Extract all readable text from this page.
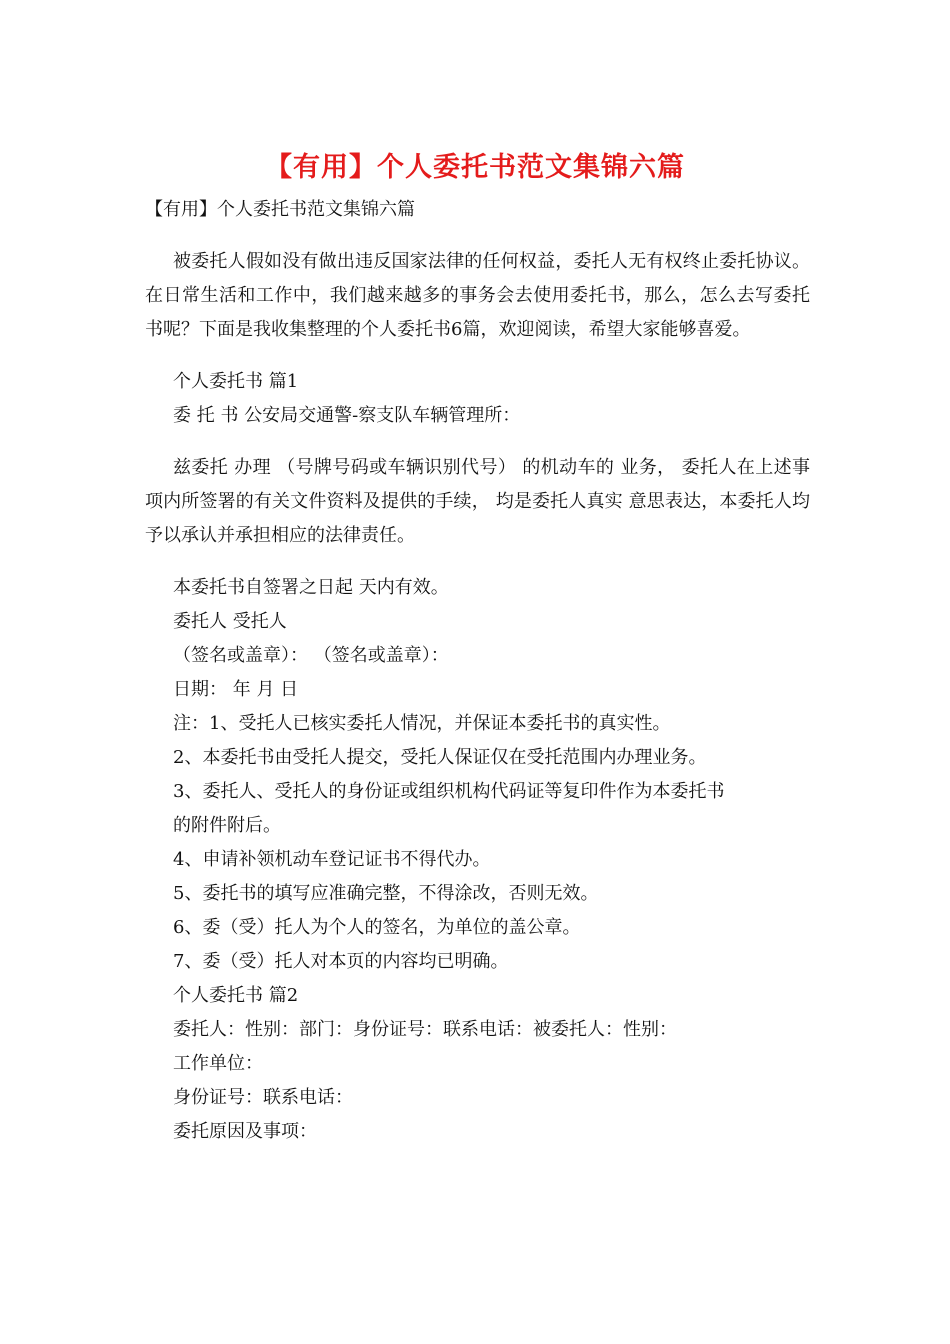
【有用】个人委托书范文集锦六篇

【有用】个人委托书范文集锦六篇

被委托人假如没有做出违反国家法律的任何权益，委托人无有权终止委托协议。在日常生活和工作中，我们越来越多的事务会去使用委托书，那么，怎么去写委托书呢？下面是我收集整理的个人委托书6篇，欢迎阅读，希望大家能够喜爱。

个人委托书 篇1

委 托 书 公安局交通警-察支队车辆管理所：

兹委托 办理 （号牌号码或车辆识别代号） 的机动车的 业务， 委托人在上述事项内所签署的有关文件资料及提供的手续， 均是委托人真实 意思表达，本委托人均予以承认并承担相应的法律责任。

本委托书自签署之日起 天内有效。

委托人 受托人

（签名或盖章）： （签名或盖章）：

日期： 年 月 日

注：1、受托人已核实委托人情况，并保证本委托书的真实性。

2、本委托书由受托人提交，受托人保证仅在受托范围内办理业务。

3、委托人、受托人的身份证或组织机构代码证等复印件作为本委托书

的附件附后。

4、申请补领机动车登记证书不得代办。

5、委托书的填写应准确完整，不得涂改，否则无效。

6、委（受）托人为个人的签名，为单位的盖公章。

7、委（受）托人对本页的内容均已明确。

个人委托书 篇2

委托人：性别：部门：身份证号：联系电话：被委托人：性别：

工作单位：

身份证号：联系电话：

委托原因及事项：
